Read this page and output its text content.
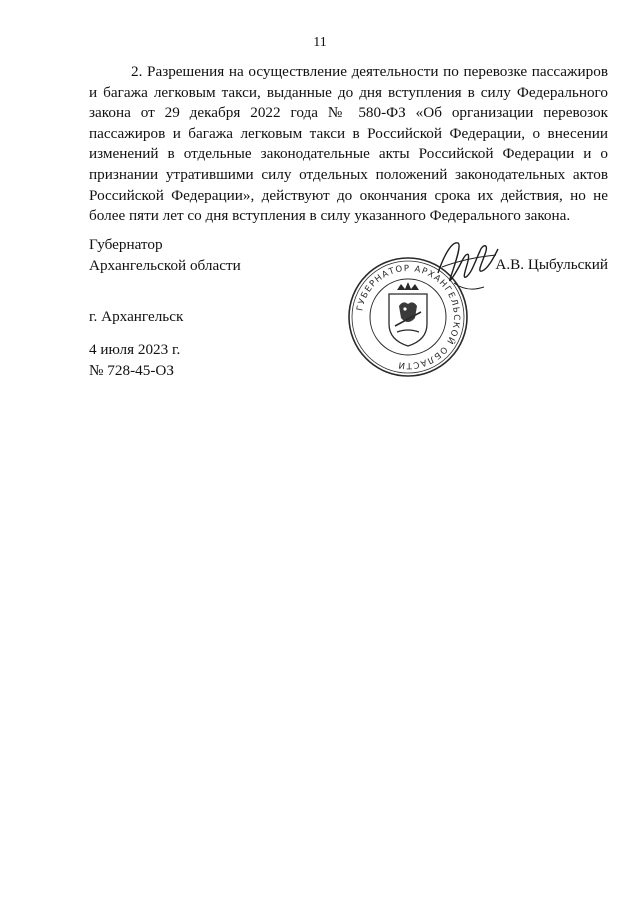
11

2. Разрешения на осуществление деятельности по перевозке пассажиров и багажа легковым такси, выданные до дня вступления в силу Федерального закона от 29 декабря 2022 года № 580-ФЗ «Об организации перевозок пассажиров и багажа легковым такси в Российской Федерации, о внесении изменений в отдельные законодательные акты Российской Федерации и о признании утратившими силу отдельных положений законодательных актов Российской Федерации», действуют до окончания срока их действия, но не более пяти лет со дня вступления в силу указанного Федерального закона.

Губернатор
Архангельской области	А.В. Цыбульский
ГУБЕРНАТОР АРХАНГЕЛЬСКОЙ ОБЛАСТИ
г. Архангельск
4 июля 2023 г.
№ 728-45-ОЗ
